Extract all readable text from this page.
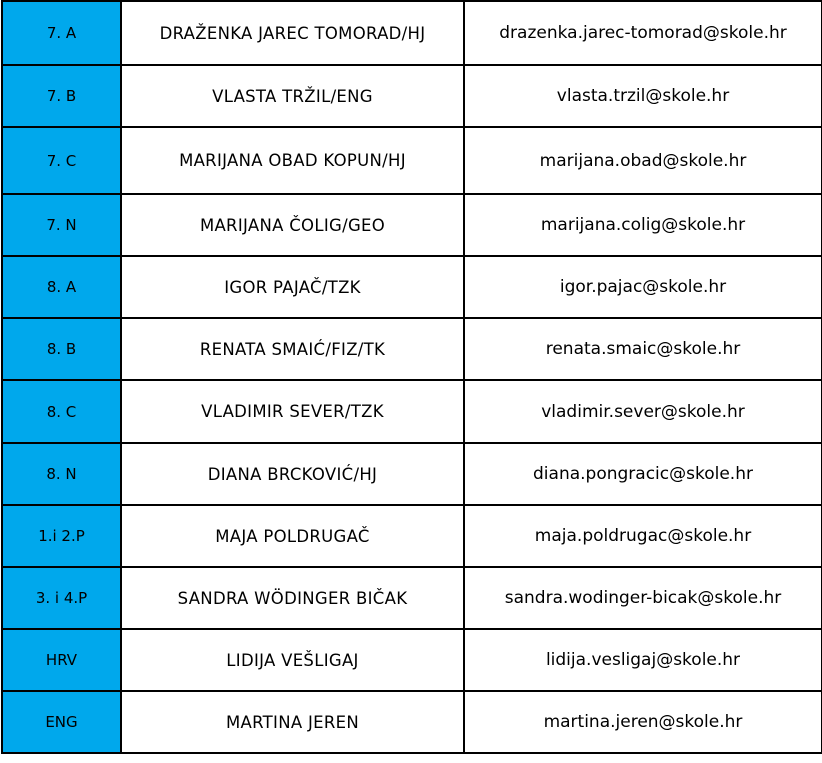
7. A	DRAŽENKA JAREC TOMORAD/HJ	drazenka.jarec-tomorad@skole.hr
7. B	VLASTA TRŽIL/ENG	vlasta.trzil@skole.hr
7. C	MARIJANA OBAD KOPUN/HJ	marijana.obad@skole.hr
7. N	MARIJANA ČOLIG/GEO	marijana.colig@skole.hr
8. A	IGOR PAJAČ/TZK	igor.pajac@skole.hr
8. B	RENATA SMAIĆ/FIZ/TK	renata.smaic@skole.hr
8. C	VLADIMIR SEVER/TZK	vladimir.sever@skole.hr
8. N	DIANA BRCKOVIĆ/HJ	diana.pongracic@skole.hr
1.i 2.P	MAJA POLDRUGAČ	maja.poldrugac@skole.hr
3. i 4.P	SANDRA WÖDINGER BIČAK	sandra.wodinger-bicak@skole.hr
HRV	LIDIJA VEŠLIGAJ	lidija.vesligaj@skole.hr
ENG	MARTINA JEREN	martina.jeren@skole.hr
